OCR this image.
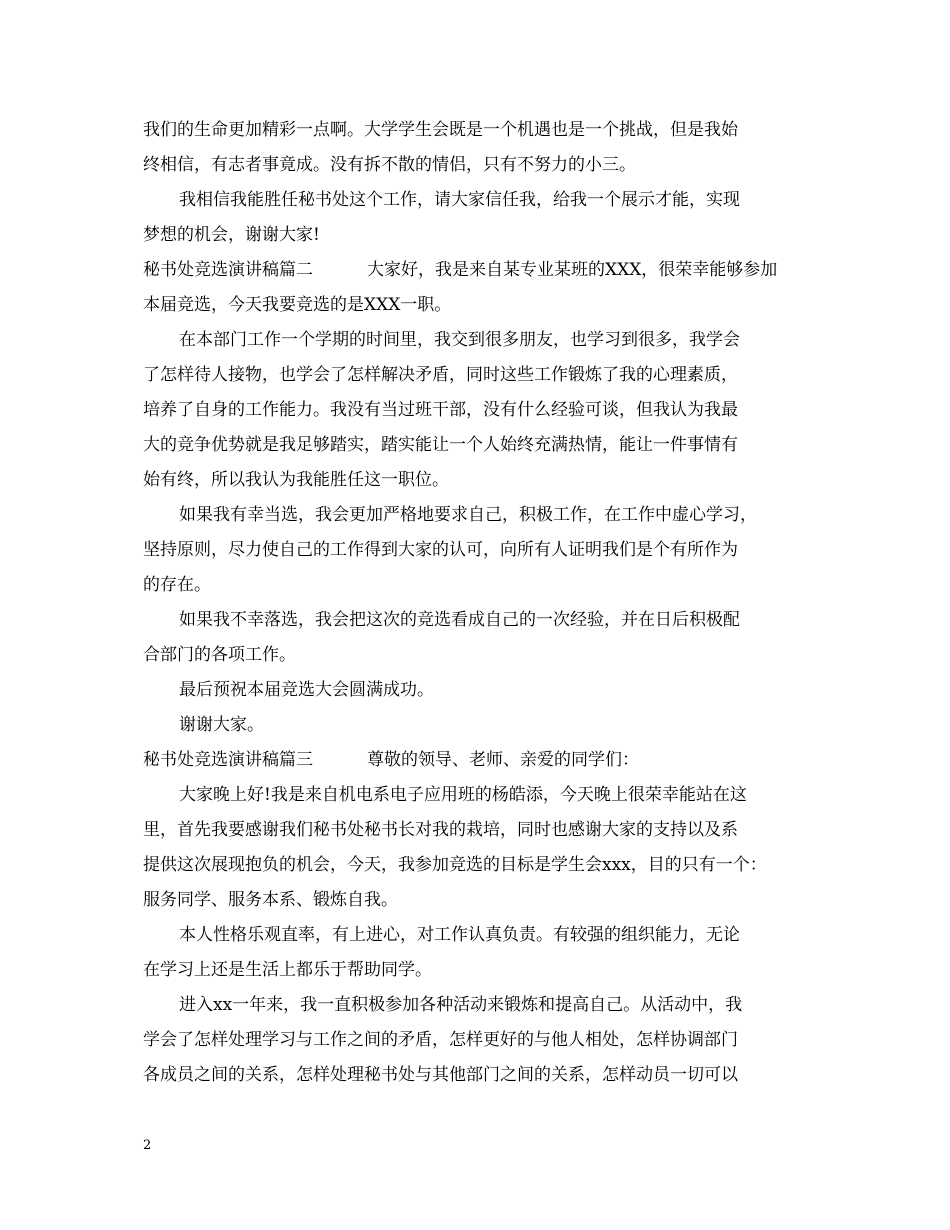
我们的生命更加精彩一点啊。大学学生会既是一个机遇也是一个挑战，但是我始
终相信，有志者事竟成。没有拆不散的情侣，只有不努力的小三。
我相信我能胜任秘书处这个工作，请大家信任我，给我一个展示才能，实现
梦想的机会，谢谢大家!
秘书处竞选演讲稿篇二	大家好，我是来自某专业某班的XXX，很荣幸能够参加
本届竞选，今天我要竞选的是XXX一职。
在本部门工作一个学期的时间里，我交到很多朋友，也学习到很多，我学会
了怎样待人接物，也学会了怎样解决矛盾，同时这些工作锻炼了我的心理素质，
培养了自身的工作能力。我没有当过班干部，没有什么经验可谈，但我认为我最
大的竞争优势就是我足够踏实，踏实能让一个人始终充满热情，能让一件事情有
始有终，所以我认为我能胜任这一职位。
如果我有幸当选，我会更加严格地要求自己，积极工作，在工作中虚心学习，
坚持原则，尽力使自己的工作得到大家的认可，向所有人证明我们是个有所作为
的存在。
如果我不幸落选，我会把这次的竞选看成自己的一次经验，并在日后积极配
合部门的各项工作。
最后预祝本届竞选大会圆满成功。
谢谢大家。
秘书处竞选演讲稿篇三	尊敬的领导、老师、亲爱的同学们：
大家晚上好!我是来自机电系电子应用班的杨皓添，今天晚上很荣幸能站在这
里，首先我要感谢我们秘书处秘书长对我的栽培，同时也感谢大家的支持以及系
提供这次展现抱负的机会，今天，我参加竞选的目标是学生会xxx，目的只有一个：
服务同学、服务本系、锻炼自我。
本人性格乐观直率，有上进心，对工作认真负责。有较强的组织能力，无论
在学习上还是生活上都乐于帮助同学。
进入xx一年来，我一直积极参加各种活动来锻炼和提高自己。从活动中，我
学会了怎样处理学习与工作之间的矛盾，怎样更好的与他人相处，怎样协调部门
各成员之间的关系，怎样处理秘书处与其他部门之间的关系，怎样动员一切可以
2
